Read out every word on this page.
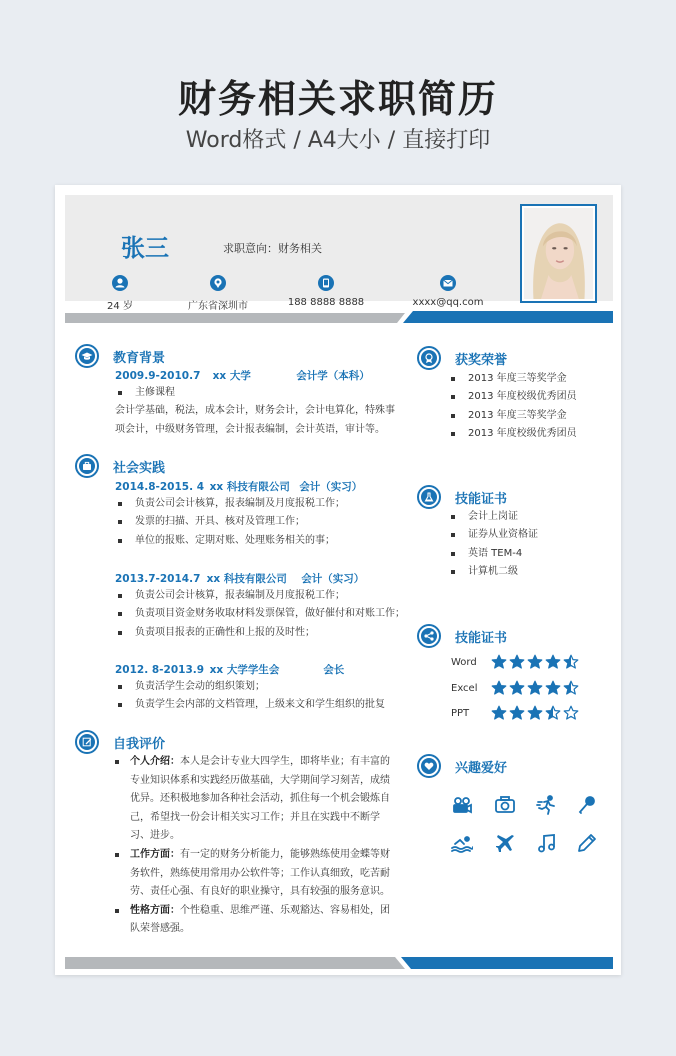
财务相关求职简历
Word格式 / A4大小 / 直接打印
张三	求职意向：财务相关
24 岁	广东省深圳市	188 8888 8888	xxxx@qq.com
教育背景
2009.9-2010.7 xx 大学	会计学（本科）
主修课程
会计学基础，税法，成本会计，财务会计，会计电算化，特殊事项会计，中级财务管理，会计报表编制，会计英语，审计等。
社会实践
2014.8-2015. 4 xx 科技有限公司 会计（实习）
负责公司会计核算，报表编制及月度报税工作；
发票的扫描、开具、核对及管理工作；
单位的报账、定期对账、处理账务相关的事；
2013.7-2014.7 xx 科技有限公司 会计（实习）
负责公司会计核算，报表编制及月度报税工作；
负责项目资金财务收取材料发票保管，做好催付和对账工作；
负责项目报表的正确性和上报的及时性；
2012. 8-2013.9 xx 大学学生会	会长
负责活学生会动的组织策划；
负责学生会内部的文档管理，上级来文和学生组织的批复
自我评价
个人介绍：本人是会计专业大四学生，即将毕业；有丰富的专业知识体系和实践经历做基础，大学期间学习刻苦，成绩优异。还积极地参加各种社会活动，抓住每一个机会锻炼自己，希望找一份会计相关实习工作；并且在实践中不断学习、进步。
工作方面：有一定的财务分析能力，能够熟练使用金蝶等财务软件，熟练使用常用办公软件等；工作认真细致，吃苦耐劳、责任心强、有良好的职业操守，具有较强的服务意识。
性格方面：个性稳重、思维严谨、乐观豁达、容易相处，团队荣誉感强。
获奖荣誉
2013 年度三等奖学金
2013 年度校级优秀团员
2013 年度三等奖学金
2013 年度校级优秀团员
技能证书
会计上岗证
证券从业资格证
英语 TEM-4
计算机二级
技能证书
Word
Excel
PPT
兴趣爱好
